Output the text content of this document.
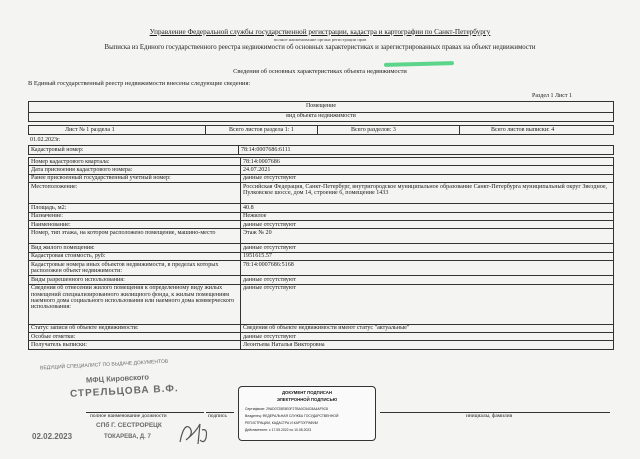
Управление Федеральной службы государственной регистрации, кадастра и картографии по Санкт-Петербургу
полное наименование органа регистрации прав
Выписка из Единого государственного реестра недвижимости об основных характеристиках и зарегистрированных правах на объект недвижимости
Сведения об основных характеристиках объекта недвижимости
В Единый государственный реестр недвижимости внесены следующие сведения:
Раздел 1 Лист 1
Помещение
вид объекта недвижимости
Лист № 1 раздела 1	Всего листов раздела 1: 1	Всего разделов: 3	Всего листов выписки: 4
01.02.2023г.
Кадастровый номер:	78:14:0007686:6111
Номер кадастрового квартала:	78:14:0007686
Дата присвоения кадастрового номера:	24.07.2021
Ранее присвоенный государственный учетный номер:	данные отсутствуют
Местоположение:	Российская Федерация, Санкт-Петербург, внутригородское муниципальное образование Санкт-Петербурга муниципальный округ Звездное, Пулковское шоссе, дом 14, строение 6, помещение 1433
Площадь, м2:	40.8
Назначение:	Нежилое
Наименование:	данные отсутствуют
Номер, тип этажа, на котором расположено помещение, машино-место	Этаж № 20
Вид жилого помещения:	данные отсутствуют
Кадастровая стоимость, руб:	1951615.57
Кадастровые номера иных объектов недвижимости, в пределах которых расположен объект недвижимости:	78:14:0007686:5168
Виды разрешенного использования:	данные отсутствуют
Сведения об отнесении жилого помещения к определенному виду жилых помещений специализированного жилищного фонда, к жилым помещениям наемного дома социального использования или наемного дома коммерческого использования:	данные отсутствуют
Статус записи об объекте недвижимости:	Сведения об объекте недвижимости имеют статус "актуальные"
Особые отметки:	данные отсутствуют
Получатель выписки:	Леонтьева Наталья Викторовна
ВЕДУЩИЙ СПЕЦИАЛИСТ ПО ВЫДАЧЕ ДОКУМЕНТОВ
МФЦ Кировского
СТРЕЛЬЦОВА В.Ф.
02.02.2023
СПб Г. СЕСТРОРЕЦК
ТОКАРЕВА, Д. 7
полное наименование должности	подпись	инициалы, фамилия
ДОКУМЕНТ ПОДПИСАН
ЭЛЕКТРОННОЙ ПОДПИСЬЮ
Сертификат: 29AD0725E5E0F27BA0C54C8A4AF9C8
Владелец: ФЕДЕРАЛЬНАЯ СЛУЖБА ГОСУДАРСТВЕННОЙ
РЕГИСТРАЦИИ, КАДАСТРА И КАРТОГРАФИИ
Действителен: с 17.05.2022 по 10.08.2023
